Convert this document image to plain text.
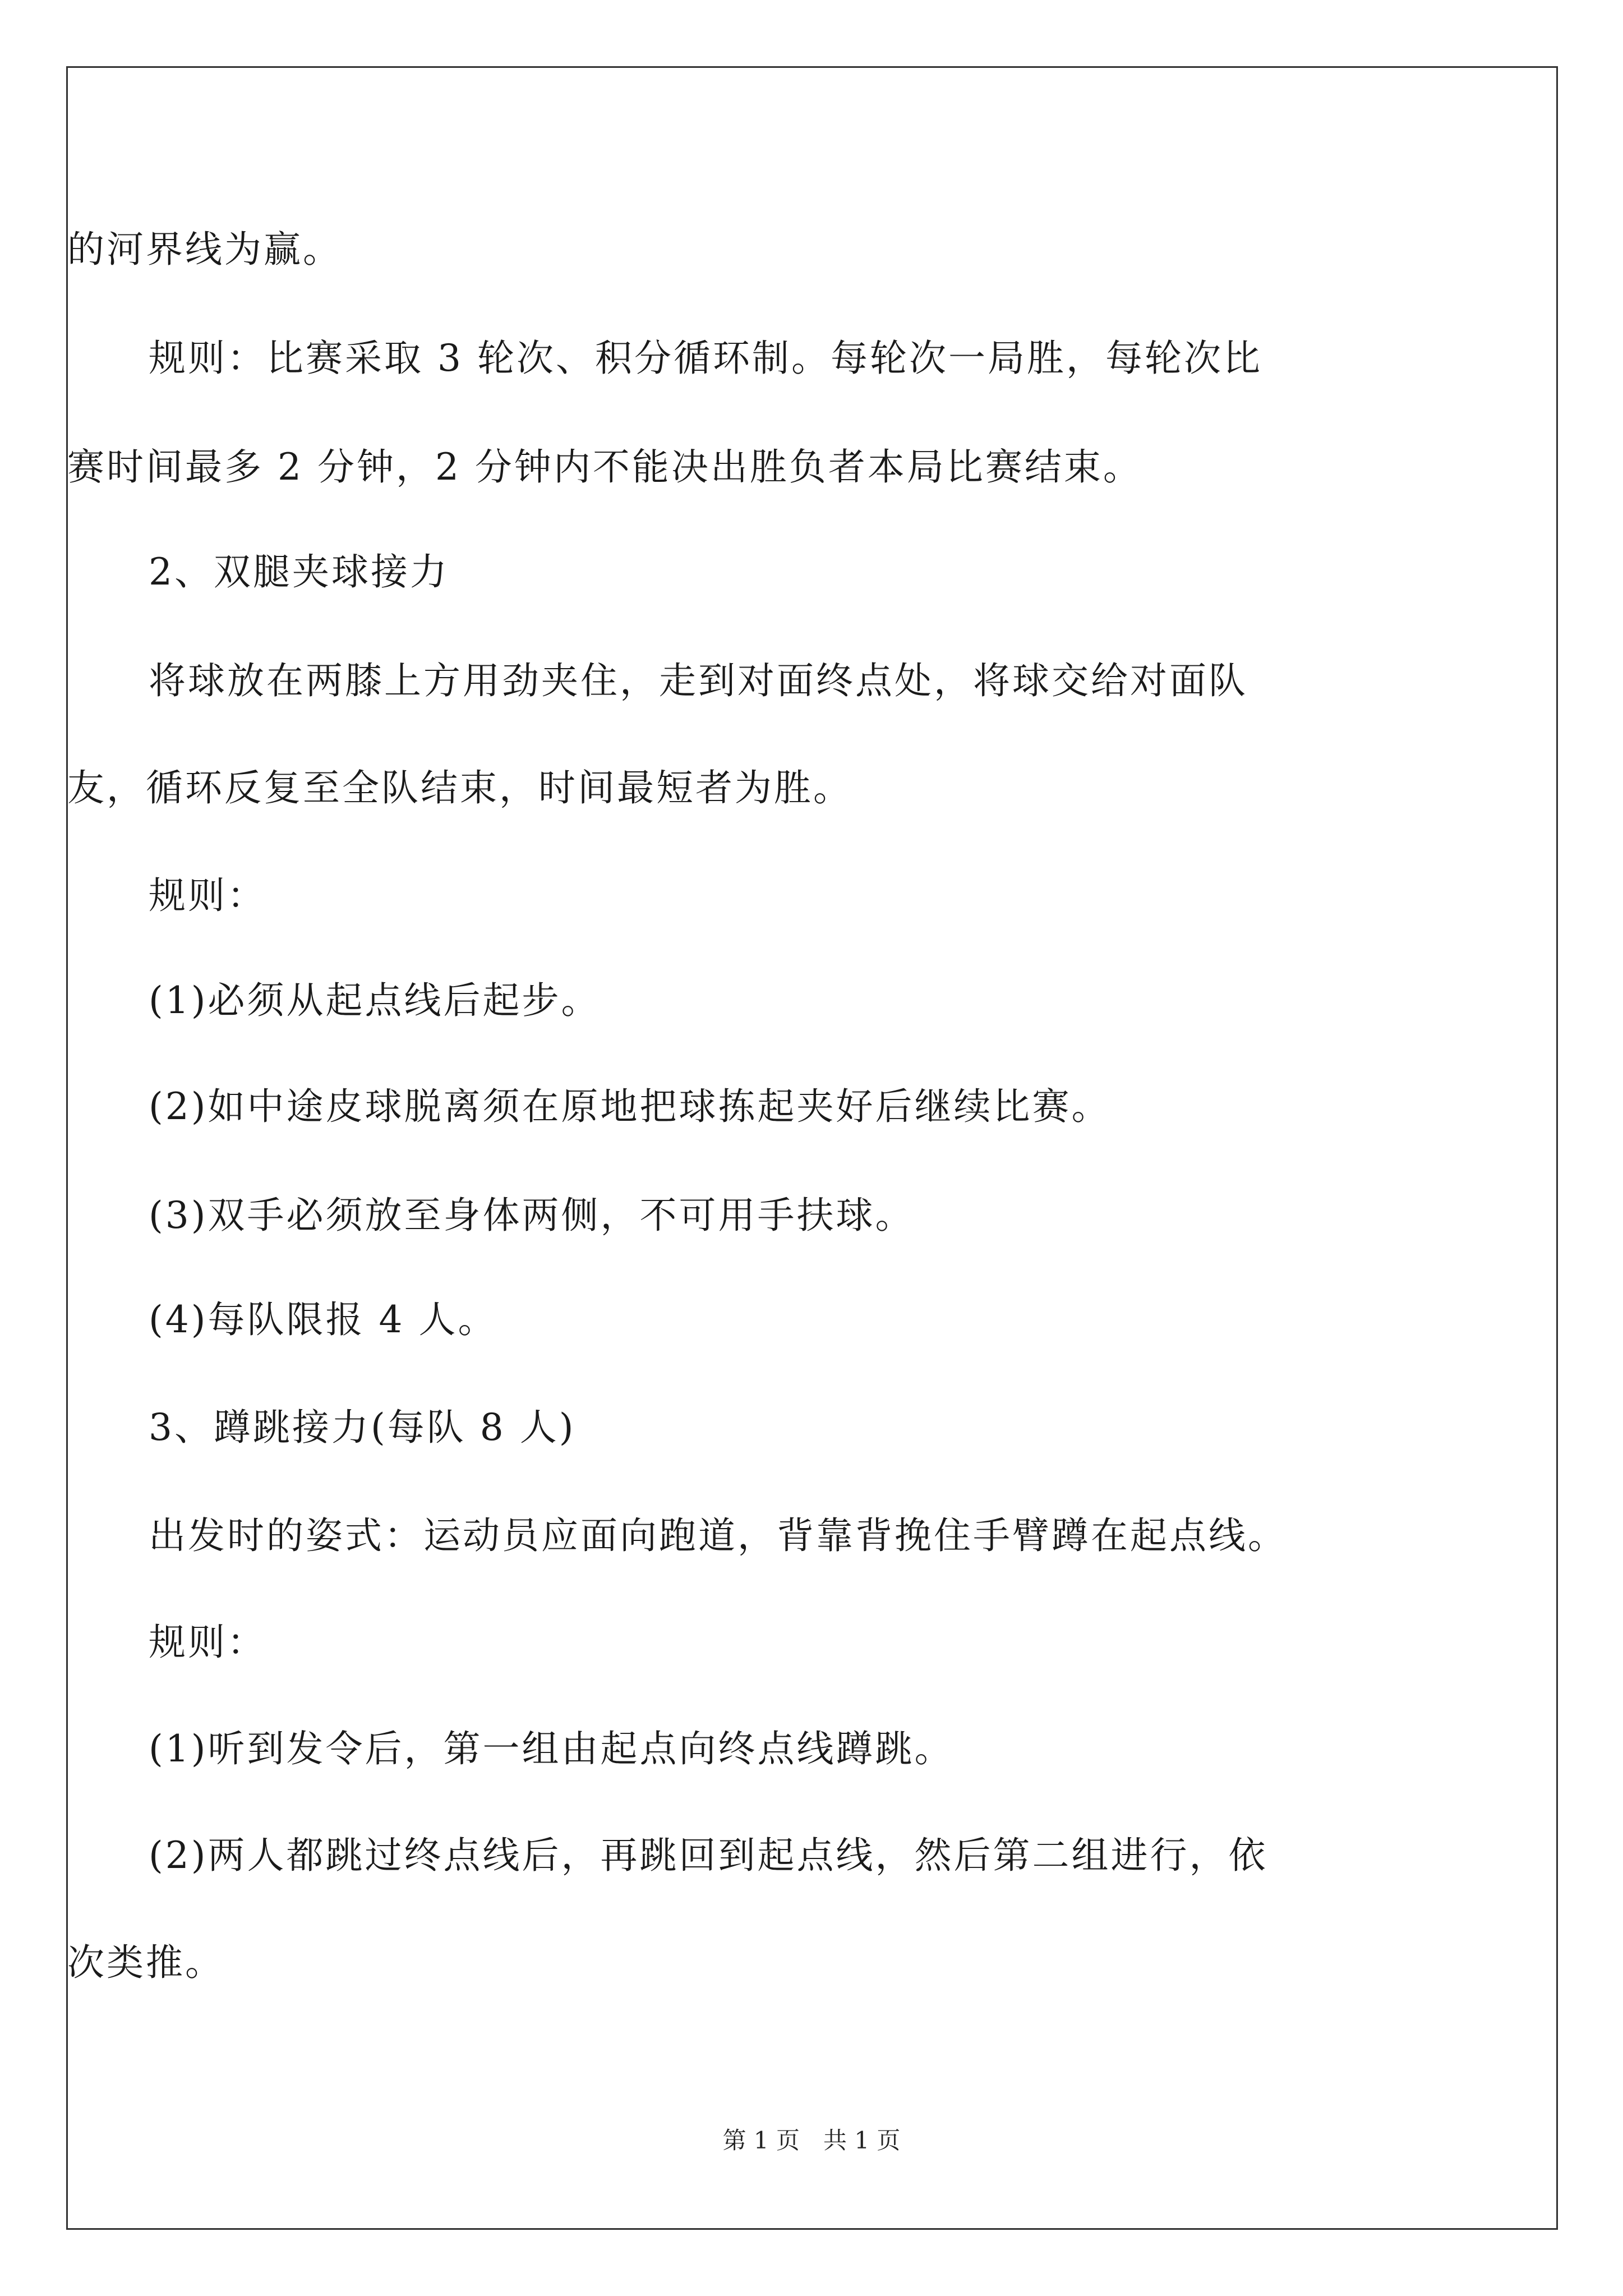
的河界线为赢。
规则：比赛采取 3 轮次、积分循环制。每轮次一局胜，每轮次比
赛时间最多 2 分钟，2 分钟内不能决出胜负者本局比赛结束。
2、双腿夹球接力
将球放在两膝上方用劲夹住，走到对面终点处，将球交给对面队
友，循环反复至全队结束，时间最短者为胜。
规则：
(1)必须从起点线后起步。
(2)如中途皮球脱离须在原地把球拣起夹好后继续比赛。
(3)双手必须放至身体两侧，不可用手扶球。
(4)每队限报 4 人。
3、蹲跳接力(每队 8 人)
出发时的姿式：运动员应面向跑道，背靠背挽住手臂蹲在起点线。
规则：
(1)听到发令后，第一组由起点向终点线蹲跳。
(2)两人都跳过终点线后，再跳回到起点线，然后第二组进行，依
次类推。
第 1 页　共 1 页
